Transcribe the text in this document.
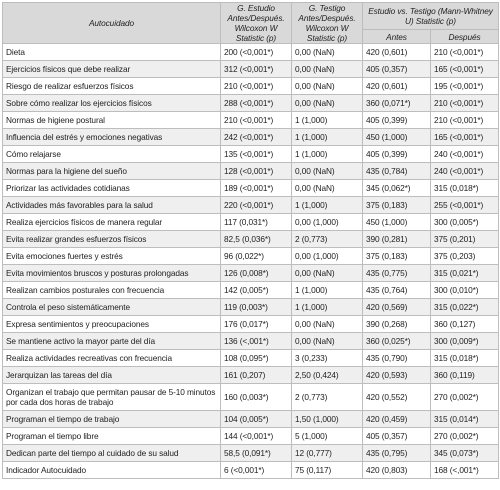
Autocuidado	G. Estudio Antes/Después. Wilcoxon W Statistic (p)	G. Testigo Antes/Después. Wilcoxon W Statistic (p)	Estudio vs. Testigo (Mann-Whitney U) Statistic (p)	
			Antes	Después
Dieta	200 (<0,001*)	0,00 (NaN)	420 (0,601)	210 (<0,001*)
Ejercicios físicos que debe realizar	312 (<0,001*)	0,00 (NaN)	405 (0,357)	165 (<0,001*)
Riesgo de realizar esfuerzos físicos	210 (<0,001*)	0,00 (NaN)	420 (0,601)	195 (<0,001*)
Sobre cómo realizar los ejercicios físicos	288 (<0,001*)	0,00 (NaN)	360 (0,071*)	210 (<0,001*)
Normas de higiene postural	210 (<0,001*)	1 (1,000)	405 (0,399)	210 (<0,001*)
Influencia del estrés y emociones negativas	242 (<0,001*)	1 (1,000)	450 (1,000)	165 (<0,001*)
Cómo relajarse	135 (<0,001*)	1 (1,000)	405 (0,399)	240 (<0,001*)
Normas para la higiene del sueño	128 (<0,001*)	0,00 (NaN)	435 (0,784)	240 (<0,001*)
Priorizar las actividades cotidianas	189 (<0,001*)	0,00 (NaN)	345 (0,062*)	315 (0,018*)
Actividades más favorables para la salud	220 (<0,001*)	1 (1,000)	375 (0,183)	255 (<0,001*)
Realiza ejercicios físicos de manera regular	117 (0,031*)	0,00 (1,000)	450 (1,000)	300 (0,005*)
Evita realizar grandes esfuerzos físicos	82,5 (0,036*)	2 (0,773)	390 (0,281)	375 (0,201)
Evita emociones fuertes y estrés	96 (0,022*)	0,00 (1,000)	375 (0,183)	375 (0,203)
Evita movimientos bruscos y posturas prolongadas	126 (0,008*)	0,00 (NaN)	435 (0,775)	315 (0,021*)
Realizan cambios posturales con frecuencia	142 (0,005*)	1 (1,000)	435 (0,764)	300 (0,010*)
Controla el peso sistemáticamente	119 (0,003*)	1 (1,000)	420 (0,569)	315 (0,022*)
Expresa sentimientos y preocupaciones	176 (0,017*)	0,00 (NaN)	390 (0,268)	360 (0,127)
Se mantiene activo la mayor parte del día	136 (<,001*)	0,00 (NaN)	360 (0,025*)	300 (0,009*)
Realiza actividades recreativas con frecuencia	108 (0,095*)	3 (0,233)	435 (0,790)	315 (0,018*)
Jerarquizan las tareas del día	161 (0,207)	2,50 (0,424)	420 (0,593)	360 (0,119)
Organizan el trabajo que permitan pausar de 5-10 minutos por cada dos horas de trabajo	160 (0,003*)	2 (0,773)	420 (0,552)	270 (0,002*)
Programan el tiempo de trabajo	104 (0,005*)	1,50 (1,000)	420 (0,459)	315 (0,014*)
Programan el tiempo libre	144 (<0,001*)	5 (1,000)	405 (0,357)	270 (0,002*)
Dedican parte del tiempo al cuidado de su salud	58,5 (0,091*)	12 (0,777)	435 (0,795)	345 (0,073*)
Indicador Autocuidado	6 (<0,001*)	75 (0,117)	420 (0,803)	168 (<,001*)
